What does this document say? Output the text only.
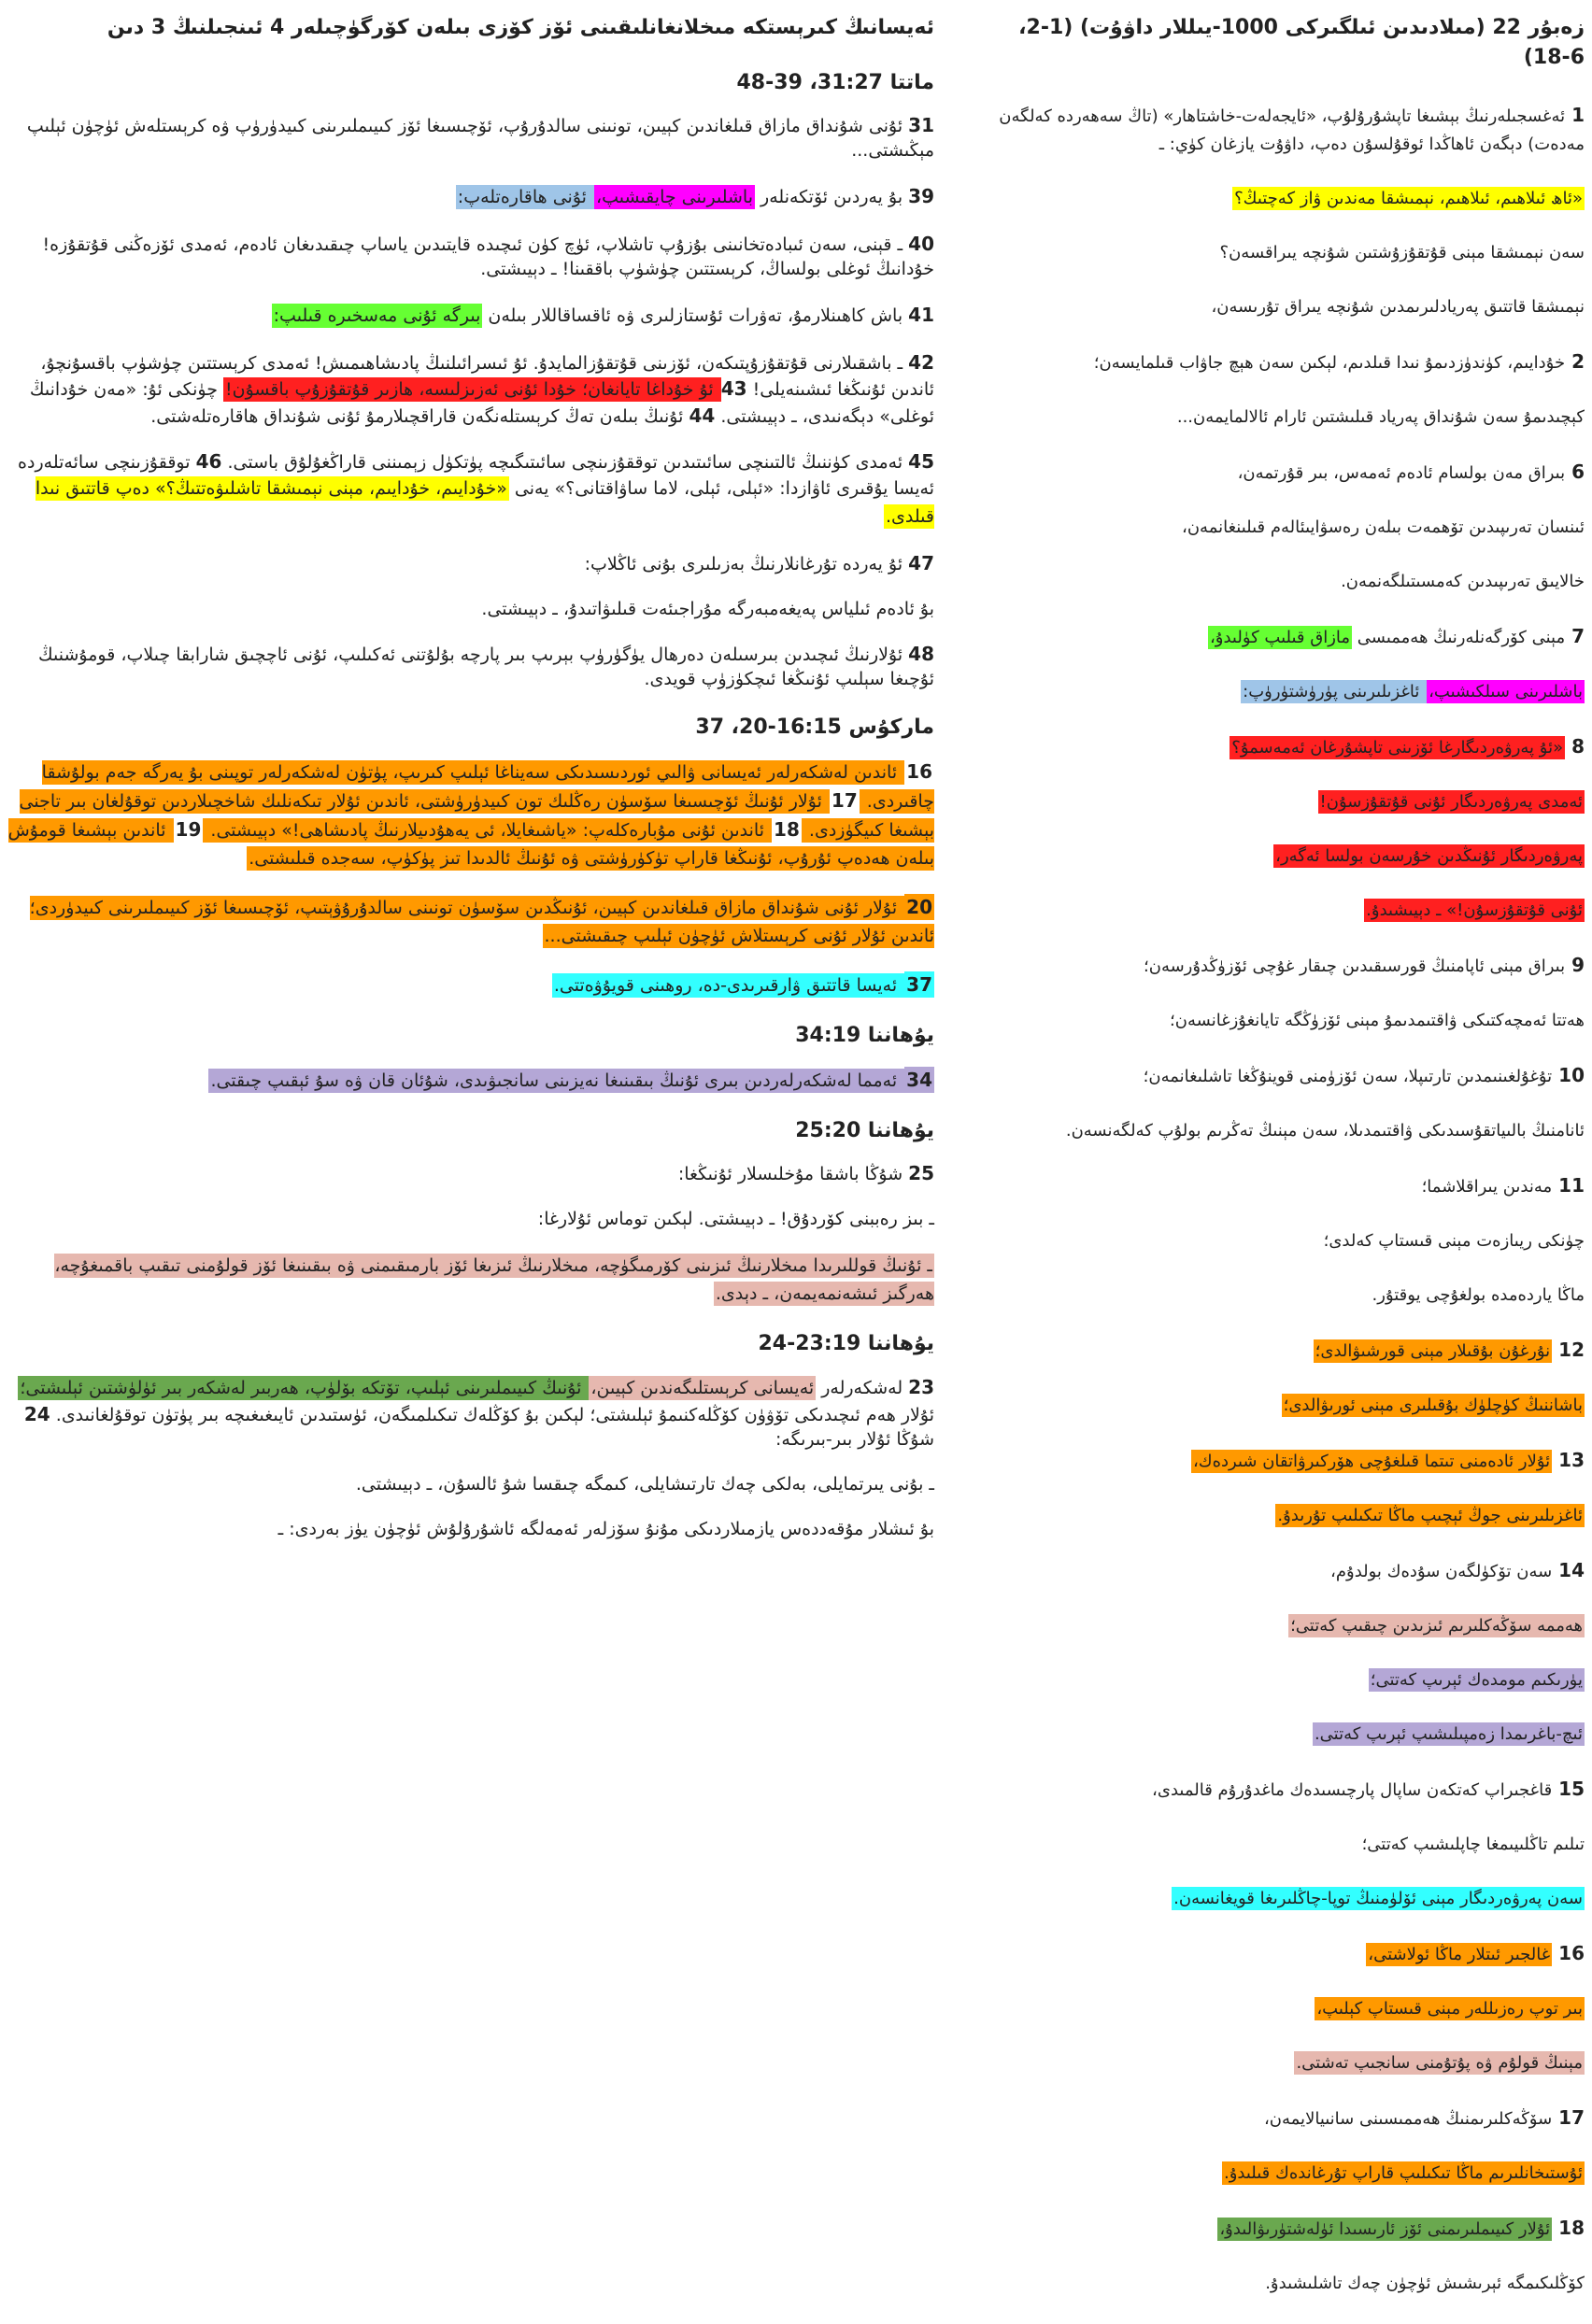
زەبۇر 22 (مىلادىدىن ئىلگىركى 1000-يىللار داۋۇت) (1-2، 6-18)
1 ئەغسجىلەرنىڭ بېشىغا تاپشۇرۇلۇپ، «ئايجەلەت-خاشتاھار» (تاڭ سەھەردە كەلگەن مەدەت) دېگەن ئاھاڭدا ئوقۇلسۇن دەپ، داۋۇت يازغان كۈي: ـ
«ئاھ ئىلاھىم، ئىلاھىم، نېمىشقا مەندىن ۋاز كەچتىڭ؟
سەن نېمىشقا مېنى قۇتقۇزۇشتىن شۇنچە يىراقسەن؟
نېمىشقا قاتتىق پەريادلىرىمدىن شۇنچە يىراق تۇرىسەن،
2 خۇدايىم، كۈندۈزدىمۇ نىدا قىلدىم، لېكىن سەن ھېچ جاۋاب قىلمايسەن؛
كېچىدىمۇ سەن شۇنداق پەرياد قىلىشتىن ئارام ئالالمايمەن...
6 بىراق مەن بولسام ئادەم ئەمەس، بىر قۇرتمەن،
ئىنسان تەرىپىدىن تۆھمەت بىلەن رەسۋايىئالەم قىلىنغانمەن،
خالايىق تەرىپىدىن كەمسىتىلگەنمەن.
7 مېنى كۆرگەنلەرنىڭ ھەممىسى مازاق قىلىپ كۈلىدۇ،
باشلىرىنى سىلكىشىپ، ئاغزىلىرىنى پۈرۈشتۈرۈپ:
8 «ئۇ پەرۋەردىگارغا ئۆزىنى تاپشۇرغان ئەمەسمۇ؟
ئەمدى پەرۋەردىگار ئۇنى قۇتقۇزسۇن!
پەرۋەردىگار ئۇنىڭدىن خۇرسەن بولسا ئەگەر،
ئۇنى قۇتقۇزسۇن!» ـ دېيىشىدۇ.
9 بىراق مېنى ئاپامنىڭ قورسىقىدىن چىقار غۇچى ئۆزۈڭدۇرسەن؛
ھەتتا ئەمچەكتىكى ۋاقتىمدىمۇ مېنى ئۆزۈڭگە تايانغۇزغانسەن؛
10 تۇغۇلغىنىمدىن تارتىپلا، سەن ئۆزۈمنى قوينۇڭغا تاشلىغانمەن؛
ئانامنىڭ بالىياتقۇسىدىكى ۋاقتىمدىلا، سەن مېنىڭ تەڭرىم بولۇپ كەلگەنسەن.
11 مەندىن يىراقلاشما؛
چۈنكى ريىازەت مېنى قىستاپ كەلدى؛
ماڭا ياردەمدە بولغۇچى يوقتۇر.
12 نۇرغۇن بۇقىلار مېنى قورشىۋالدى؛
باشاننىڭ كۈچلۈك بۇقىلىرى مېنى ئورىۋالدى؛
13 ئۇلار ئادەمنى تىتما قىلغۇچى ھۆركىرۋاتقان شىردەك،
ئاغزىلىرىنى جوڭ ئېچىپ ماڭا تىكىلىپ تۇرىدۇ.
14 سەن تۆكۈلگەن سۇدەك بولدۇم،
ھەممە سۆڭەكلىرىم ئىزىدىن چىقىپ كەتتى؛
يۈرىكىم مومدەك ئېرىپ كەتتى؛
ئىچ-باغرىمدا زەمپىلىشىپ ئېرىپ كەتتى.
15 قاغجىراپ كەتكەن ساپال پارچىسىدەك ماغدۇرۇم قالمىدى،
تىلىم تاڭلىيىمغا چاپلىشىپ كەتتى؛
سەن پەرۋەردىگار مېنى ئۆلۈمنىڭ توپا-چاڭلىرىغا قويغانسەن.
16 غالجىر ئىتلار ماڭا ئولاشتى،
بىر توپ رەزىللەر مېنى قىستاپ كېلىپ،
مېنىڭ قولۇم ۋە پۇتۇمنى سانجىپ تەشتى.
17 سۆڭەكلىرىمنىڭ ھەممىسىنى سانىيالايمەن،
ئۇستىخانلىرىم ماڭا تىكىلىپ قاراپ تۇرغاندەك قىلىدۇ.
18 ئۇلار كىيىملىرىمنى ئۆز ئارىسىدا ئۈلەشتۈرىۋالىدۇ،
كۆڭلىكىمگە ئېرىشىش ئۈچۈن چەك تاشلىشىدۇ.
ئەيسانىڭ كىرېستكە مىخلانغانلىقىنى ئۆز كۆزى بىلەن كۆرگۈچىلەر 4 ئىنجىلنىڭ 3 دىن
ماتتا 31:27، 39-48
31 ئۇنى شۇنداق مازاق قىلغاندىن كېيىن، تونىنى سالدۇرۇپ، ئۆچىسىغا ئۆز كىيىملىرىنى كىيدۈرۈپ ۋە كرېستلەش ئۈچۈن ئېلىپ مېڭىشتى...
39 بۇ يەردىن ئۆتكەنلەر باشلىرىنى چايقىشىپ، ئۇنى ھاقارەتلەپ:
40 ـ قېنى، سەن ئىبادەتخانىنى بۇزۇپ تاشلاپ، ئۈچ كۈن ئىچىدە قايتىدىن ياساپ چىقىدىغان ئادەم، ئەمدى ئۆزەڭنى قۇتقۇزە! خۇدانىڭ ئوغلى بولساڭ، كرېستتىن چۈشۈپ باققىنا! ـ دېيىشتى.
41 باش كاھىنلارمۇ، تەۋرات ئۇستازلىرى ۋە ئاقساقاللار بىلەن بىرگە ئۇنى مەسخىرە قىلىپ:
42 ـ باشقىلارنى قۇتقۇزۇپتىكەن، ئۆزىنى قۇتقۇزالمايدۇ. ئۇ ئىسرائىلنىڭ پادىشاھىمىش! ئەمدى كرېستتىن چۈشۈپ باقسۇنچۇ، ئاندىن ئۇنىڭغا ئىشىنەيلى! 43 ئۇ خۇداغا تايانغان؛ خۇدا ئۇنى ئەزىزلىسە، ھازىر قۇتقۇزۇپ باقسۇن! چۈنكى ئۇ: «مەن خۇدانىڭ ئوغلى» دېگەنىدى، ـ دېيىشتى. 44 ئۇنىڭ بىلەن تەڭ كرېستلەنگەن قاراقچىلارمۇ ئۇنى شۇنداق ھاقارەتلەشتى.
45 ئەمدى كۈننىڭ ئالتىنچى سائىتىدىن توققۇزىنچى سائىتىگىچە پۈتكۈل زېمىننى قاراڭغۇلۇق باستى. 46 توققۇزىنچى سائەتلەردە ئەيسا يۇقىرى ئاۋازدا: «ئېلى، ئېلى، لاما ساۋاقتانى؟» يەنى «خۇدايىم، خۇدايىم، مېنى نېمىشقا تاشلىۋەتتىڭ؟» دەپ قاتتىق نىدا قىلدى.
47 ئۇ يەردە تۇرغانلارنىڭ بەزىلىرى بۇنى ئاڭلاپ:
بۇ ئادەم ئىلياس پەيغەمبەرگە مۇراجىئەت قىلىۋاتىدۇ، ـ دېيىشتى.
48 ئۇلارنىڭ ئىچىدىن بىرسىلەن دەرھال يۈگۈرۈپ بېرىپ بىر پارچە بۇلۇتنى ئەكىلىپ، ئۇنى ئاچچىق شارابقا چىلاپ، قومۇشنىڭ ئۇچىغا سېلىپ ئۇنىڭغا ئىچكۈزۈپ قويدى.
ماركۇس 16:15-20، 37
16 ئاندىن لەشكەرلەر ئەيسانى ۋالىي ئوردىسىدىكى سەيناغا ئېلىپ كىرىپ، پۈتۈن لەشكەرلەر توپىنى بۇ يەرگە جەم بولۇشقا چاقىردى. 17 ئۇلار ئۇنىڭ ئۆچىسىغا سۆسۈن رەڭلىك تون كىيدۈرۈشتى، ئاندىن ئۇلار تىكەنلىك شاخچىلاردىن توقۇلغان بىر تاجنى بېشىغا كىيگۈزدى. 18 ئاندىن ئۇنى مۇبارەكلەپ: «ياشىغايلا، ئى يەھۇدىيلارنىڭ پادىشاھى!» دېيىشتى. 19 ئاندىن بېشىغا قومۇش بىلەن ھەدەپ ئۇرۇپ، ئۇنىڭغا قاراپ تۈكۈرۈشتى ۋە ئۇنىڭ ئالدىدا تىز پۈكۈپ، سەجدە قىلىشتى.
20 ئۇلار ئۇنى شۇنداق مازاق قىلغاندىن كېيىن، ئۇنىڭدىن سۆسۈن تونىنى سالدۇرۇۋېتىپ، ئۆچىسىغا ئۆز كىيىملىرىنى كىيدۈردى؛ ئاندىن ئۇلار ئۇنى كرېستلاش ئۈچۈن ئېلىپ چىقىشتى...
37 ئەيسا قاتتىق ۋارقىرىدى-دە، روھىنى قويۇۋەتتى.
يۇھاننا 34:19
34 ئەمما لەشكەرلەردىن بىرى ئۇنىڭ بىقىنىغا نەيزىنى سانجىۋىدى، شۇئان قان ۋە سۇ ئېقىپ چىقتى.
يۇھاننا 25:20
25 شۇڭا باشقا مۇخلىسلار ئۇنىڭغا:
ـ بىز رەببنى كۆردۇق! ـ دېيىشتى. لېكىن توماس ئۇلارغا:
ـ ئۇنىڭ قوللىرىدا مىخلارنىڭ ئىزىنى كۆرمىگۈچە، مىخلارنىڭ ئىزىغا ئۆز بارمىقىمنى ۋە بىقىنىغا ئۆز قولۇمنى تىقىپ باقمىغۇچە، ھەرگىز ئىشەنمەيمەن، ـ دېدى.
يۇھاننا 23:19-24
23 لەشكەرلەر ئەيسانى كرېستلىگەندىن كېيىن، ئۇنىڭ كىيىملىرىنى ئېلىپ، تۆتكە بۆلۈپ، ھەربىر لەشكەر بىر ئۈلۈشتىن ئېلىشتى؛ ئۇلار ھەم ئىچىدىكى تۆۋۈن كۆڭلەكنىمۇ ئېلىشتى؛ لېكىن بۇ كۆڭلەك تىكىلمىگەن، ئۈستىدىن ئايىغىغىچە بىر پۈتۈن توقۇلغانىدى. 24 شۇڭا ئۇلار بىر-بىرىگە:
ـ بۇنى يىرتمايلى، بەلكى چەك تارتىشايلى، كىمگە چىقسا شۇ ئالسۇن، ـ دېيىشتى.
بۇ ئىشلار مۇقەددەس يازمىلاردىكى مۇنۇ سۆزلەر ئەمەلگە ئاشۇرۇلۇش ئۈچۈن يۈز بەردى: ـ
